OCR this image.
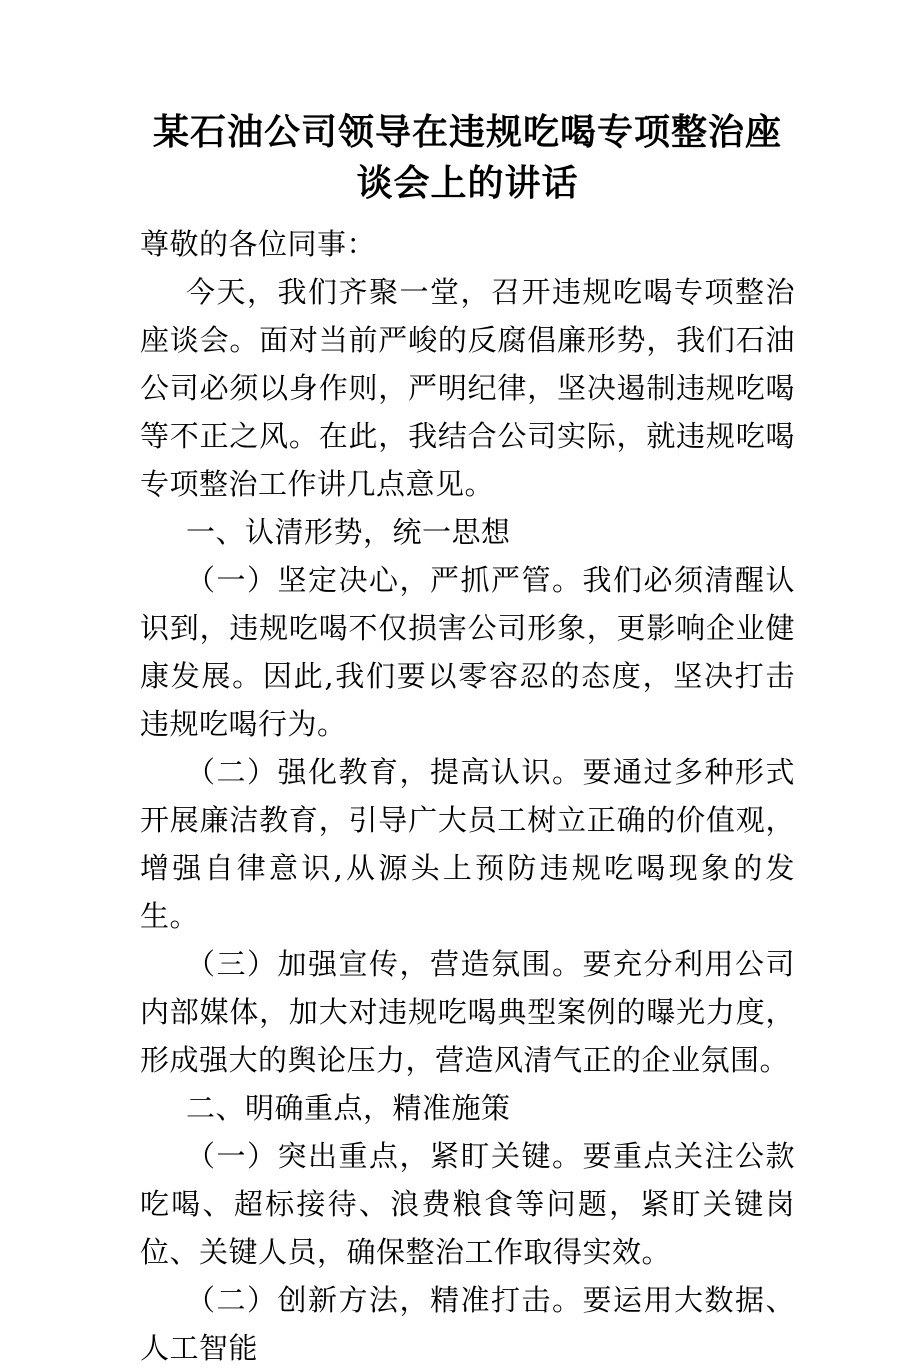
某石油公司领导在违规吃喝专项整治座
谈会上的讲话

尊敬的各位同事：

今天，我们齐聚一堂，召开违规吃喝专项整治座谈会。面对当前严峻的反腐倡廉形势，我们石油公司必须以身作则，严明纪律，坚决遏制违规吃喝等不正之风。在此，我结合公司实际，就违规吃喝专项整治工作讲几点意见。

一、认清形势，统一思想

（一）坚定决心，严抓严管。我们必须清醒认识到，违规吃喝不仅损害公司形象，更影响企业健康发展。因此,我们要以零容忍的态度，坚决打击违规吃喝行为。

（二）强化教育，提高认识。要通过多种形式开展廉洁教育，引导广大员工树立正确的价值观，增强自律意识,从源头上预防违规吃喝现象的发生。

（三）加强宣传，营造氛围。要充分利用公司内部媒体，加大对违规吃喝典型案例的曝光力度，形成强大的舆论压力，营造风清气正的企业氛围。

二、明确重点，精准施策

（一）突出重点，紧盯关键。要重点关注公款吃喝、超标接待、浪费粮食等问题，紧盯关键岗位、关键人员，确保整治工作取得实效。

（二）创新方法，精准打击。要运用大数据、人工智能
